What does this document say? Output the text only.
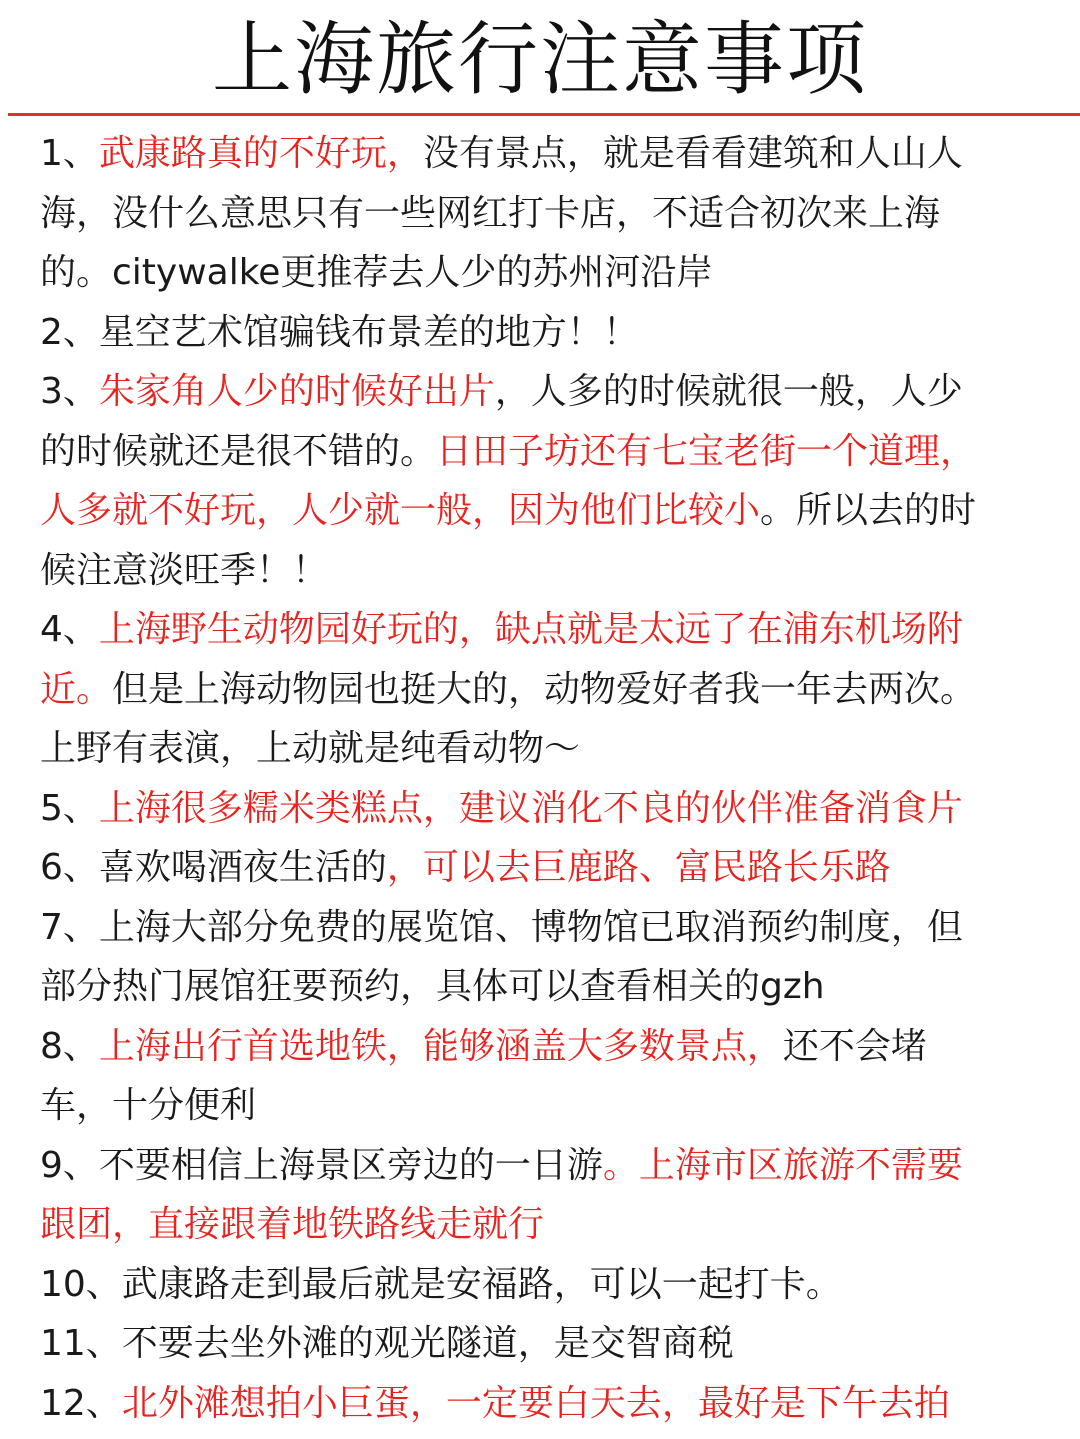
上海旅行注意事项
1、武康路真的不好玩，没有景点，就是看看建筑和人山人
海，没什么意思只有一些网红打卡店，不适合初次来上海
的。citywalke更推荐去人少的苏州河沿岸
2、星空艺术馆骗钱布景差的地方！！
3、朱家角人少的时候好出片，人多的时候就很一般，人少
的时候就还是很不错的。日田子坊还有七宝老街一个道理，
人多就不好玩，人少就一般，因为他们比较小。所以去的时
候注意淡旺季！！
4、上海野生动物园好玩的，缺点就是太远了在浦东机场附
近。但是上海动物园也挺大的，动物爱好者我一年去两次。
上野有表演，上动就是纯看动物～
5、上海很多糯米类糕点，建议消化不良的伙伴准备消食片
6、喜欢喝酒夜生活的，可以去巨鹿路、富民路长乐路
7、上海大部分免费的展览馆、博物馆已取消预约制度，但
部分热门展馆狂要预约，具体可以查看相关的gzh
8、上海出行首选地铁，能够涵盖大多数景点，还不会堵
车，十分便利
9、不要相信上海景区旁边的一日游。上海市区旅游不需要
跟团，直接跟着地铁路线走就行
10、武康路走到最后就是安福路，可以一起打卡。
11、不要去坐外滩的观光隧道，是交智商税
12、北外滩想拍小巨蛋，一定要白天去，最好是下午去拍
